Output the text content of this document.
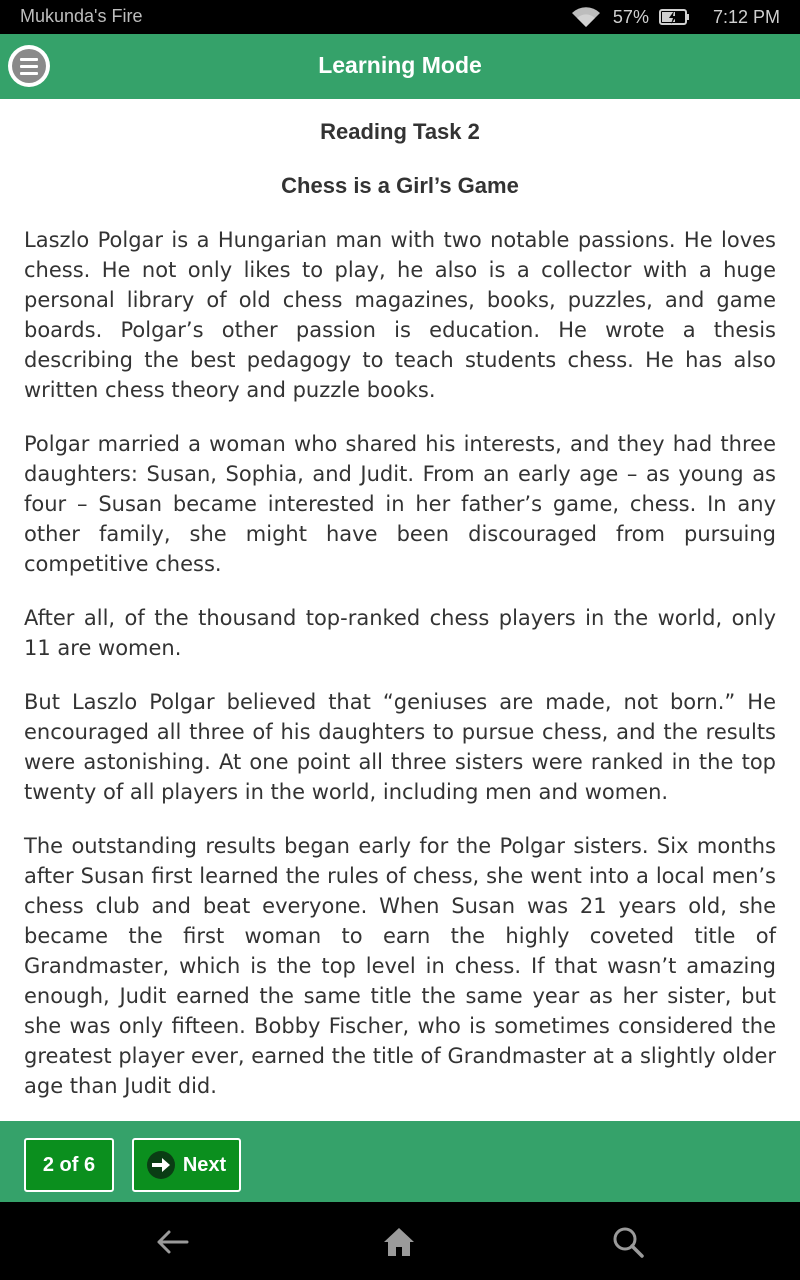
Mukunda's Fire	57%	7:12 PM
Learning Mode
Reading Task 2
Chess is a Girl’s Game

Laszlo Polgar is a Hungarian man with two notable passions. He loves chess. He not only likes to play, he also is a collector with a huge personal library of old chess magazines, books, puzzles, and game boards. Polgar’s other passion is education. He wrote a thesis describing the best pedagogy to teach students chess. He has also written chess theory and puzzle books.

Polgar married a woman who shared his interests, and they had three daughters: Susan, Sophia, and Judit. From an early age – as young as four – Susan became interested in her father’s game, chess. In any other family, she might have been discouraged from pursuing competitive chess.

After all, of the thousand top-ranked chess players in the world, only 11 are women.

But Laszlo Polgar believed that “geniuses are made, not born.” He encouraged all three of his daughters to pursue chess, and the results were astonishing. At one point all three sisters were ranked in the top twenty of all players in the world, including men and women.

The outstanding results began early for the Polgar sisters. Six months after Susan first learned the rules of chess, she went into a local men’s chess club and beat everyone. When Susan was 21 years old, she became the first woman to earn the highly coveted title of Grandmaster, which is the top level in chess. If that wasn’t amazing enough, Judit earned the same title the same year as her sister, but she was only fifteen. Bobby Fischer, who is sometimes considered the greatest player ever, earned the title of Grandmaster at a slightly older age than Judit did.

2 of 6	Next
